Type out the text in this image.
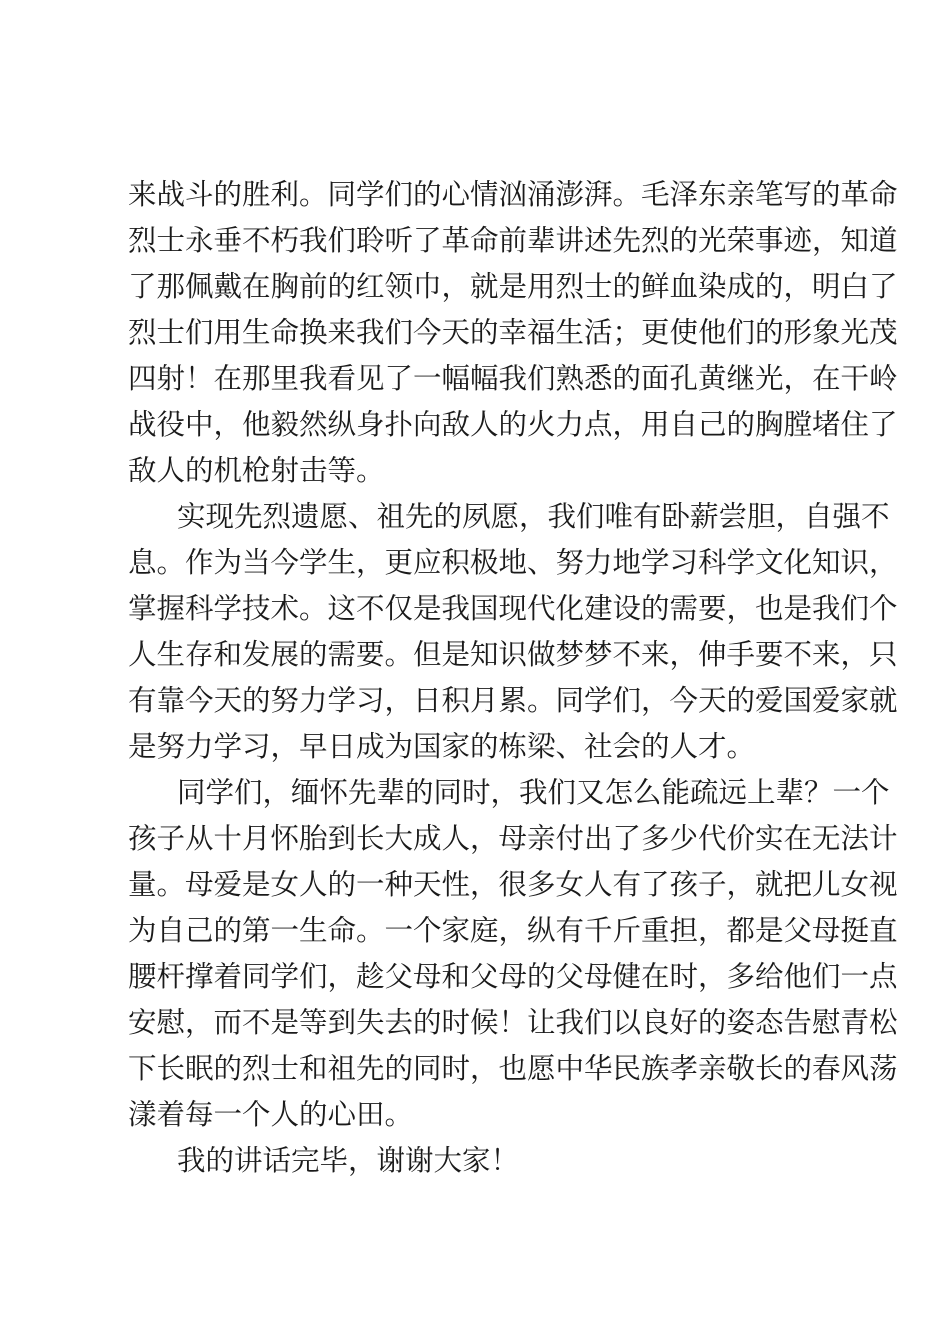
来战斗的胜利。同学们的心情汹涌澎湃。毛泽东亲笔写的革命
烈士永垂不朽我们聆听了革命前辈讲述先烈的光荣事迹，知道
了那佩戴在胸前的红领巾，就是用烈士的鲜血染成的，明白了
烈士们用生命换来我们今天的幸福生活；更使他们的形象光茂
四射！在那里我看见了一幅幅我们熟悉的面孔黄继光，在干岭
战役中，他毅然纵身扑向敌人的火力点，用自己的胸膛堵住了
敌人的机枪射击等。

实现先烈遗愿、祖先的夙愿，我们唯有卧薪尝胆，自强不
息。作为当今学生，更应积极地、努力地学习科学文化知识，
掌握科学技术。这不仅是我国现代化建设的需要，也是我们个
人生存和发展的需要。但是知识做梦梦不来，伸手要不来，只
有靠今天的努力学习，日积月累。同学们，今天的爱国爱家就
是努力学习，早日成为国家的栋梁、社会的人才。

同学们，缅怀先辈的同时，我们又怎么能疏远上辈？一个
孩子从十月怀胎到长大成人，母亲付出了多少代价实在无法计
量。母爱是女人的一种天性，很多女人有了孩子，就把儿女视
为自己的第一生命。一个家庭，纵有千斤重担，都是父母挺直
腰杆撑着同学们，趁父母和父母的父母健在时，多给他们一点
安慰，而不是等到失去的时候！让我们以良好的姿态告慰青松
下长眠的烈士和祖先的同时，也愿中华民族孝亲敬长的春风荡
漾着每一个人的心田。

我的讲话完毕，谢谢大家！
